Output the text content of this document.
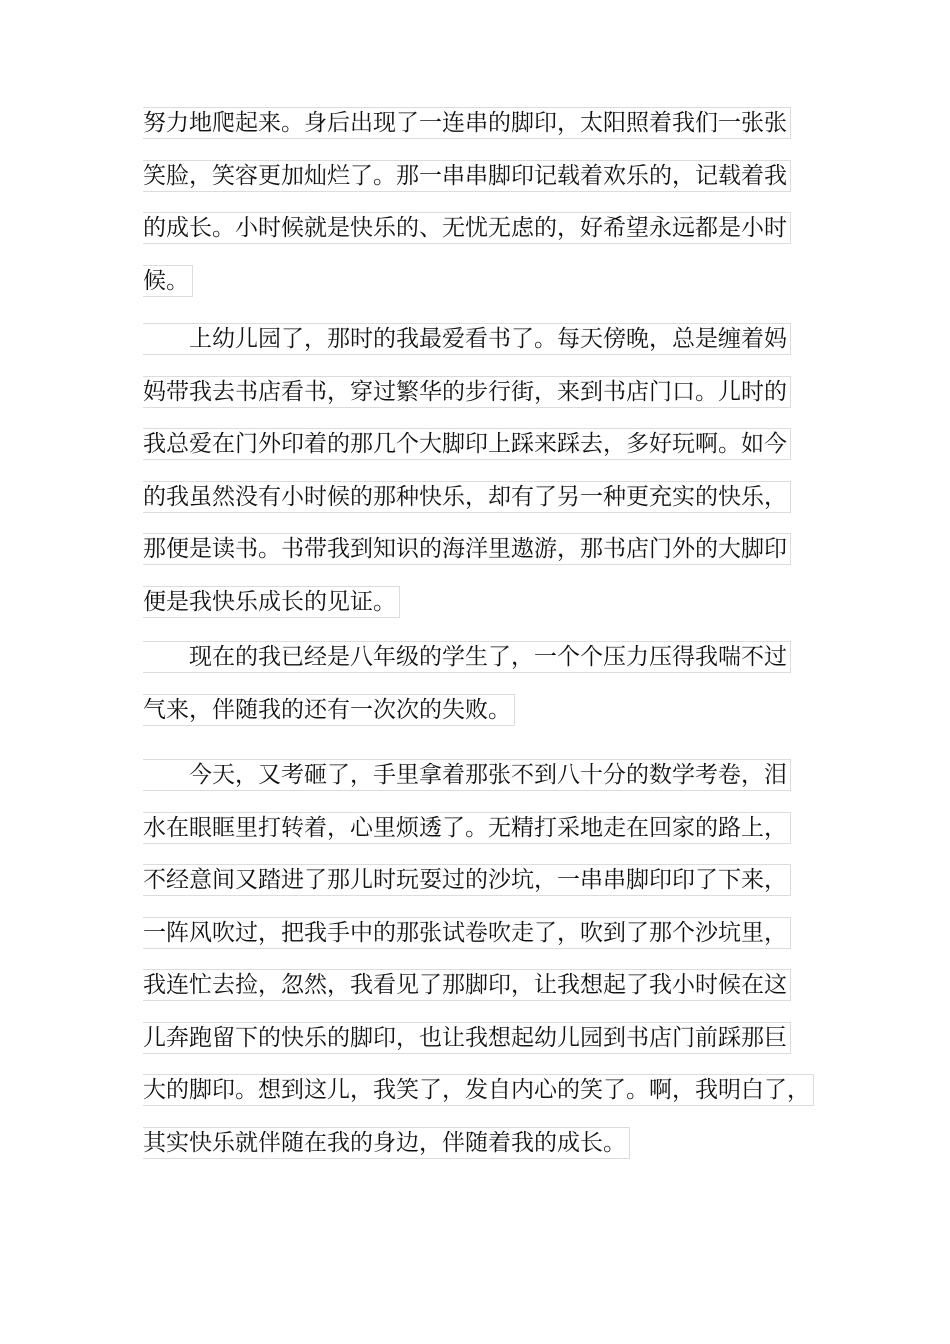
努力地爬起来。身后出现了一连串的脚印，太阳照着我们一张张
笑脸，笑容更加灿烂了。那一串串脚印记载着欢乐的，记载着我
的成长。小时候就是快乐的、无忧无虑的，好希望永远都是小时
候。
　　上幼儿园了，那时的我最爱看书了。每天傍晚，总是缠着妈
妈带我去书店看书，穿过繁华的步行街，来到书店门口。儿时的
我总爱在门外印着的那几个大脚印上踩来踩去，多好玩啊。如今
的我虽然没有小时候的那种快乐，却有了另一种更充实的快乐，
那便是读书。书带我到知识的海洋里遨游，那书店门外的大脚印
便是我快乐成长的见证。
　　现在的我已经是八年级的学生了，一个个压力压得我喘不过
气来，伴随我的还有一次次的失败。
　　今天，又考砸了，手里拿着那张不到八十分的数学考卷，泪
水在眼眶里打转着，心里烦透了。无精打采地走在回家的路上，
不经意间又踏进了那儿时玩耍过的沙坑，一串串脚印印了下来，
一阵风吹过，把我手中的那张试卷吹走了，吹到了那个沙坑里，
我连忙去捡，忽然，我看见了那脚印，让我想起了我小时候在这
儿奔跑留下的快乐的脚印，也让我想起幼儿园到书店门前踩那巨
大的脚印。想到这儿，我笑了，发自内心的笑了。啊，我明白了，
其实快乐就伴随在我的身边，伴随着我的成长。
